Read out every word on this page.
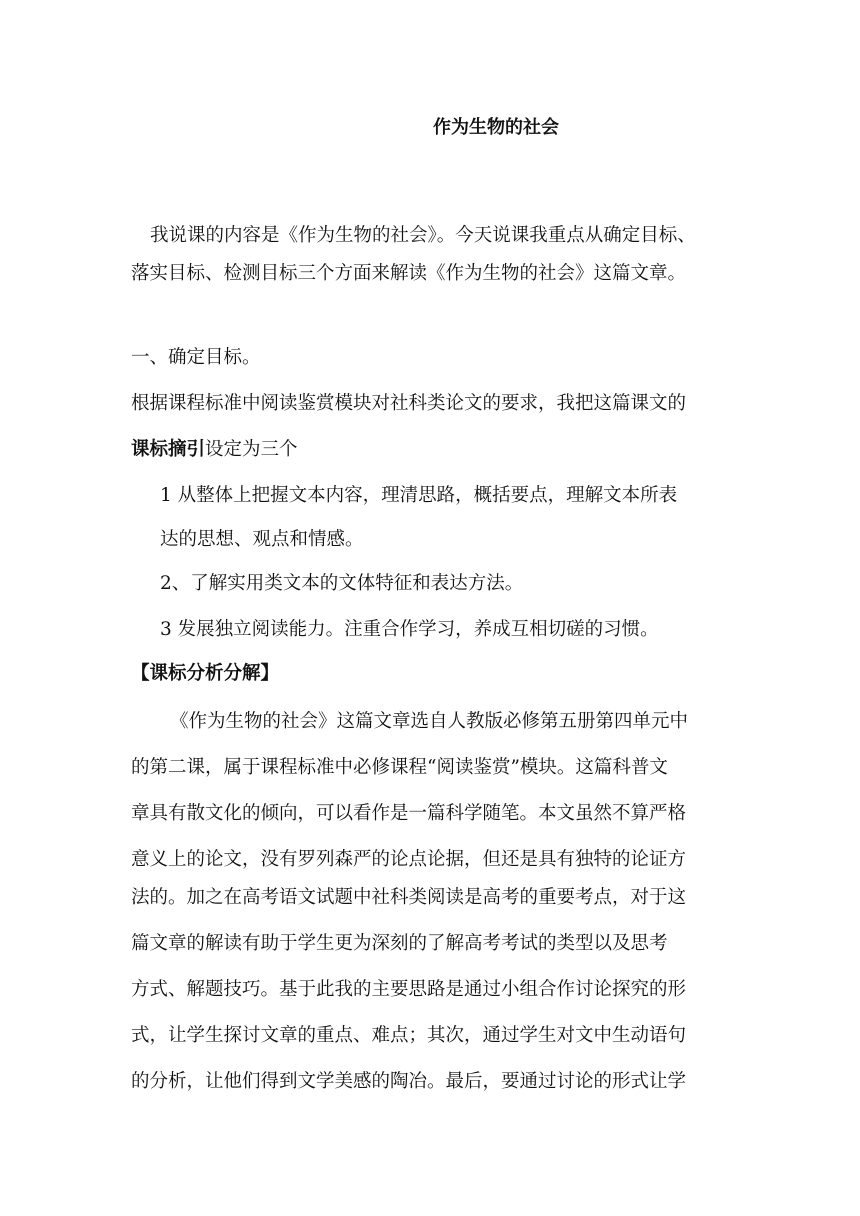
作为生物的社会
我说课的内容是《作为生物的社会》。今天说课我重点从确定目标、
落实目标、检测目标三个方面来解读《作为生物的社会》这篇文章。
一、确定目标。
根据课程标准中阅读鉴赏模块对社科类论文的要求，我把这篇课文的
课标摘引设定为三个
1 从整体上把握文本内容，理清思路，概括要点，理解文本所表
达的思想、观点和情感。
2、了解实用类文本的文体特征和表达方法。
3 发展独立阅读能力。注重合作学习，养成互相切磋的习惯。
【课标分析分解】
《作为生物的社会》这篇文章选自人教版必修第五册第四单元中
的第二课，属于课程标准中必修课程“阅读鉴赏”模块。这篇科普文
章具有散文化的倾向，可以看作是一篇科学随笔。本文虽然不算严格
意义上的论文，没有罗列森严的论点论据，但还是具有独特的论证方
法的。加之在高考语文试题中社科类阅读是高考的重要考点，对于这
篇文章的解读有助于学生更为深刻的了解高考考试的类型以及思考
方式、解题技巧。基于此我的主要思路是通过小组合作讨论探究的形
式，让学生探讨文章的重点、难点；其次，通过学生对文中生动语句
的分析，让他们得到文学美感的陶冶。最后，要通过讨论的形式让学
